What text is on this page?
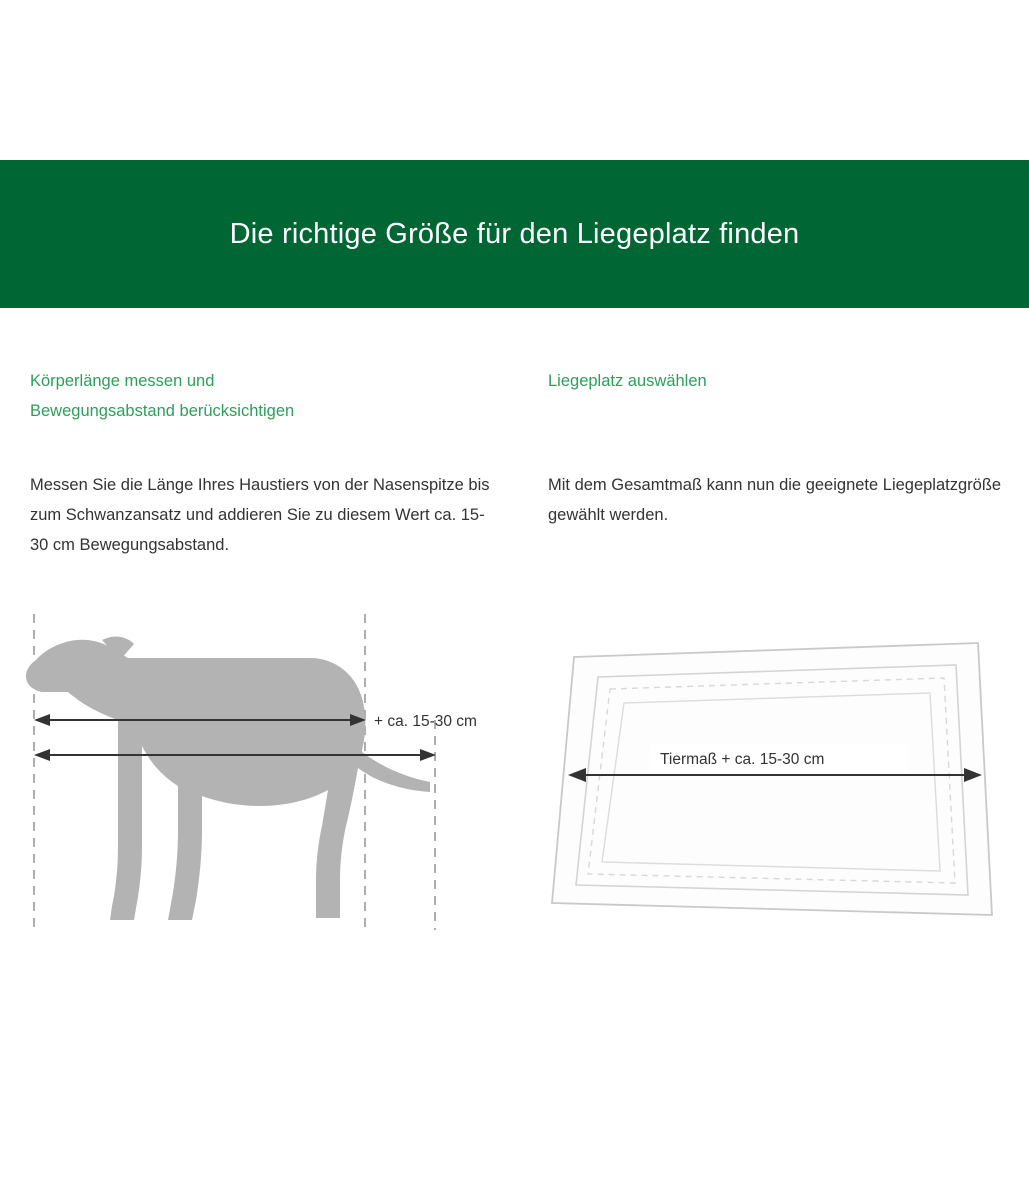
Die richtige Größe für den Liegeplatz finden
Körperlänge messen und
Bewegungsabstand berücksichtigen
Messen Sie die Länge Ihres Haustiers von der Nasenspitze bis zum Schwanzansatz und addieren Sie zu diesem Wert ca. 15-30 cm Bewegungsabstand.
Liegeplatz auswählen
Mit dem Gesamtmaß kann nun die geeignete Liegeplatzgröße gewählt werden.
+ ca. 15-30 cm
Tiermaß + ca. 15-30 cm
